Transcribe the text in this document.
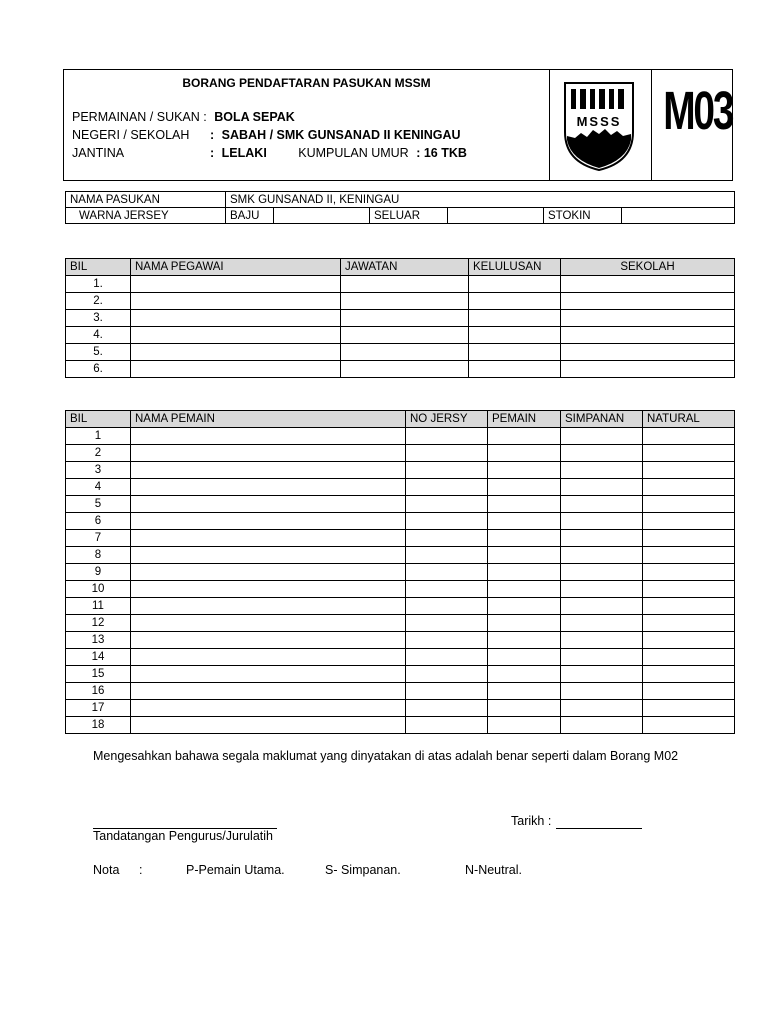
BORANG PENDAFTARAN PASUKAN MSSM
PERMAINAN / SUKAN : BOLA SEPAK
NEGERI / SEKOLAH : SABAH / SMK GUNSANAD II KENINGAU
JANTINA	: LELAKI	KUMPULAN UMUR : 16 TKB
MSSS M03
NAMA PASUKAN	SMK GUNSANAD II, KENINGAU					
WARNA JERSEY	BAJU		SELUAR		STOKIN	
BIL	NAMA PEGAWAI	JAWATAN	KELULUSAN	SEKOLAH
1.				
2.				
3.				
4.				
5.				
6.				
BIL	NAMA PEMAIN	NO JERSY	PEMAIN	SIMPANAN	NATURAL
1					
2					
3					
4					
5					
6					
7					
8					
9					
10					
11					
12					
13					
14					
15					
16					
17					
18					
Mengesahkan bahawa segala maklumat yang dinyatakan di atas adalah benar seperti dalam Borang M02
Tandatangan Pengurus/Jurulatih
Tarikh :
Nota :	P-Pemain Utama.	S- Simpanan.	N-Neutral.
